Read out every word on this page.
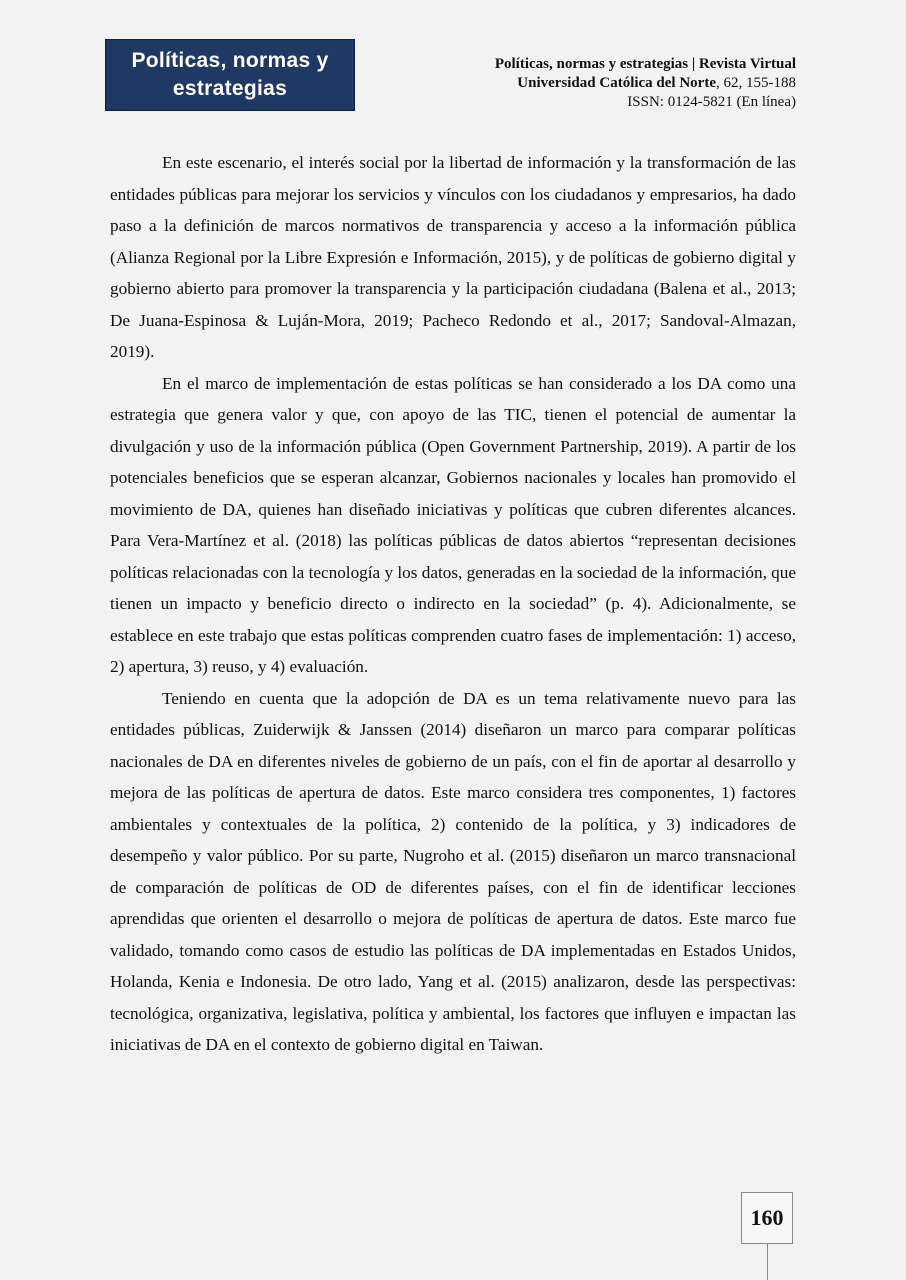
Políticas, normas y estrategias
Políticas, normas y estrategias | Revista Virtual
Universidad Católica del Norte, 62, 155-188
ISSN: 0124-5821 (En línea)

En este escenario, el interés social por la libertad de información y la transformación de las entidades públicas para mejorar los servicios y vínculos con los ciudadanos y empresarios, ha dado paso a la definición de marcos normativos de transparencia y acceso a la información pública (Alianza Regional por la Libre Expresión e Información, 2015), y de políticas de gobierno digital y gobierno abierto para promover la transparencia y la participación ciudadana (Balena et al., 2013; De Juana-Espinosa & Luján-Mora, 2019; Pacheco Redondo et al., 2017; Sandoval-Almazan, 2019).

En el marco de implementación de estas políticas se han considerado a los DA como una estrategia que genera valor y que, con apoyo de las TIC, tienen el potencial de aumentar la divulgación y uso de la información pública (Open Government Partnership, 2019). A partir de los potenciales beneficios que se esperan alcanzar, Gobiernos nacionales y locales han promovido el movimiento de DA, quienes han diseñado iniciativas y políticas que cubren diferentes alcances. Para Vera-Martínez et al. (2018) las políticas públicas de datos abiertos “representan decisiones políticas relacionadas con la tecnología y los datos, generadas en la sociedad de la información, que tienen un impacto y beneficio directo o indirecto en la sociedad” (p. 4). Adicionalmente, se establece en este trabajo que estas políticas comprenden cuatro fases de implementación: 1) acceso, 2) apertura, 3) reuso, y 4) evaluación.

Teniendo en cuenta que la adopción de DA es un tema relativamente nuevo para las entidades públicas, Zuiderwijk & Janssen (2014) diseñaron un marco para comparar políticas nacionales de DA en diferentes niveles de gobierno de un país, con el fin de aportar al desarrollo y mejora de las políticas de apertura de datos. Este marco considera tres componentes, 1) factores ambientales y contextuales de la política, 2) contenido de la política, y 3) indicadores de desempeño y valor público. Por su parte, Nugroho et al. (2015) diseñaron un marco transnacional de comparación de políticas de OD de diferentes países, con el fin de identificar lecciones aprendidas que orienten el desarrollo o mejora de políticas de apertura de datos. Este marco fue validado, tomando como casos de estudio las políticas de DA implementadas en Estados Unidos, Holanda, Kenia e Indonesia. De otro lado, Yang et al. (2015) analizaron, desde las perspectivas: tecnológica, organizativa, legislativa, política y ambiental, los factores que influyen e impactan las iniciativas de DA en el contexto de gobierno digital en Taiwan.

160
